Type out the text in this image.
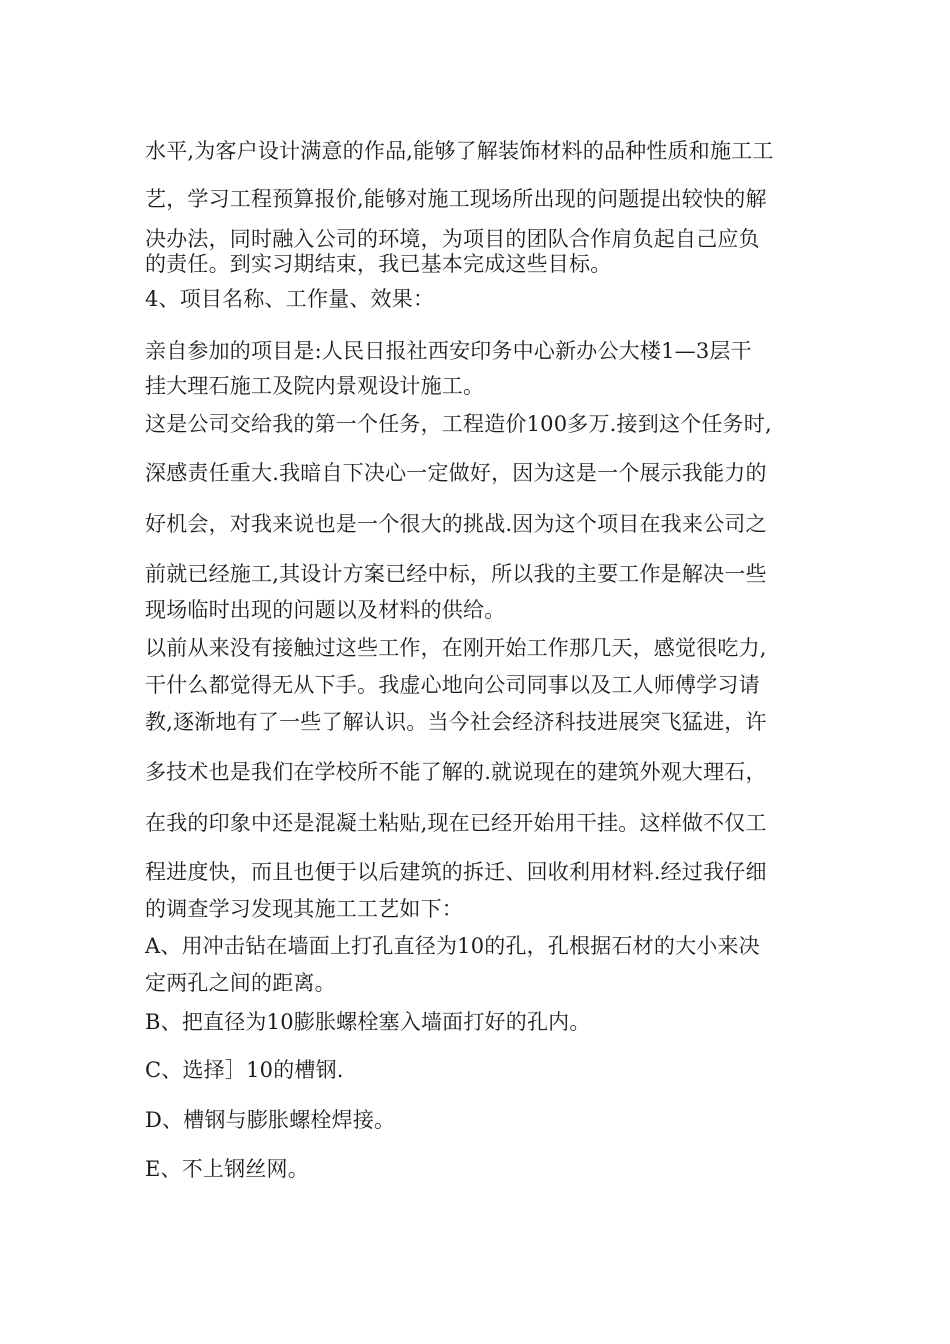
水平,为客户设计满意的作品,能够了解装饰材料的品种性质和施工工
艺，学习工程预算报价,能够对施工现场所出现的问题提出较快的解
决办法，同时融入公司的环境，为项目的团队合作肩负起自己应负
的责任。到实习期结束，我已基本完成这些目标。
4、项目名称、工作量、效果：
亲自参加的项目是:人民日报社西安印务中心新办公大楼1—3层干
挂大理石施工及院内景观设计施工。
这是公司交给我的第一个任务，工程造价100多万.接到这个任务时,
深感责任重大.我暗自下决心一定做好，因为这是一个展示我能力的
好机会，对我来说也是一个很大的挑战.因为这个项目在我来公司之
前就已经施工,其设计方案已经中标，所以我的主要工作是解决一些
现场临时出现的问题以及材料的供给。
以前从来没有接触过这些工作，在刚开始工作那几天，感觉很吃力,
干什么都觉得无从下手。我虚心地向公司同事以及工人师傅学习请
教,逐渐地有了一些了解认识。当今社会经济科技进展突飞猛进，许
多技术也是我们在学校所不能了解的.就说现在的建筑外观大理石，
在我的印象中还是混凝土粘贴,现在已经开始用干挂。这样做不仅工
程进度快，而且也便于以后建筑的拆迁、回收利用材料.经过我仔细
的调查学习发现其施工工艺如下：
A、用冲击钻在墙面上打孔直径为10的孔，孔根据石材的大小来决
定两孔之间的距离。
B、把直径为10膨胀螺栓塞入墙面打好的孔内。
C、选择］10的槽钢.
D、槽钢与膨胀螺栓焊接。
E、不上钢丝网。
